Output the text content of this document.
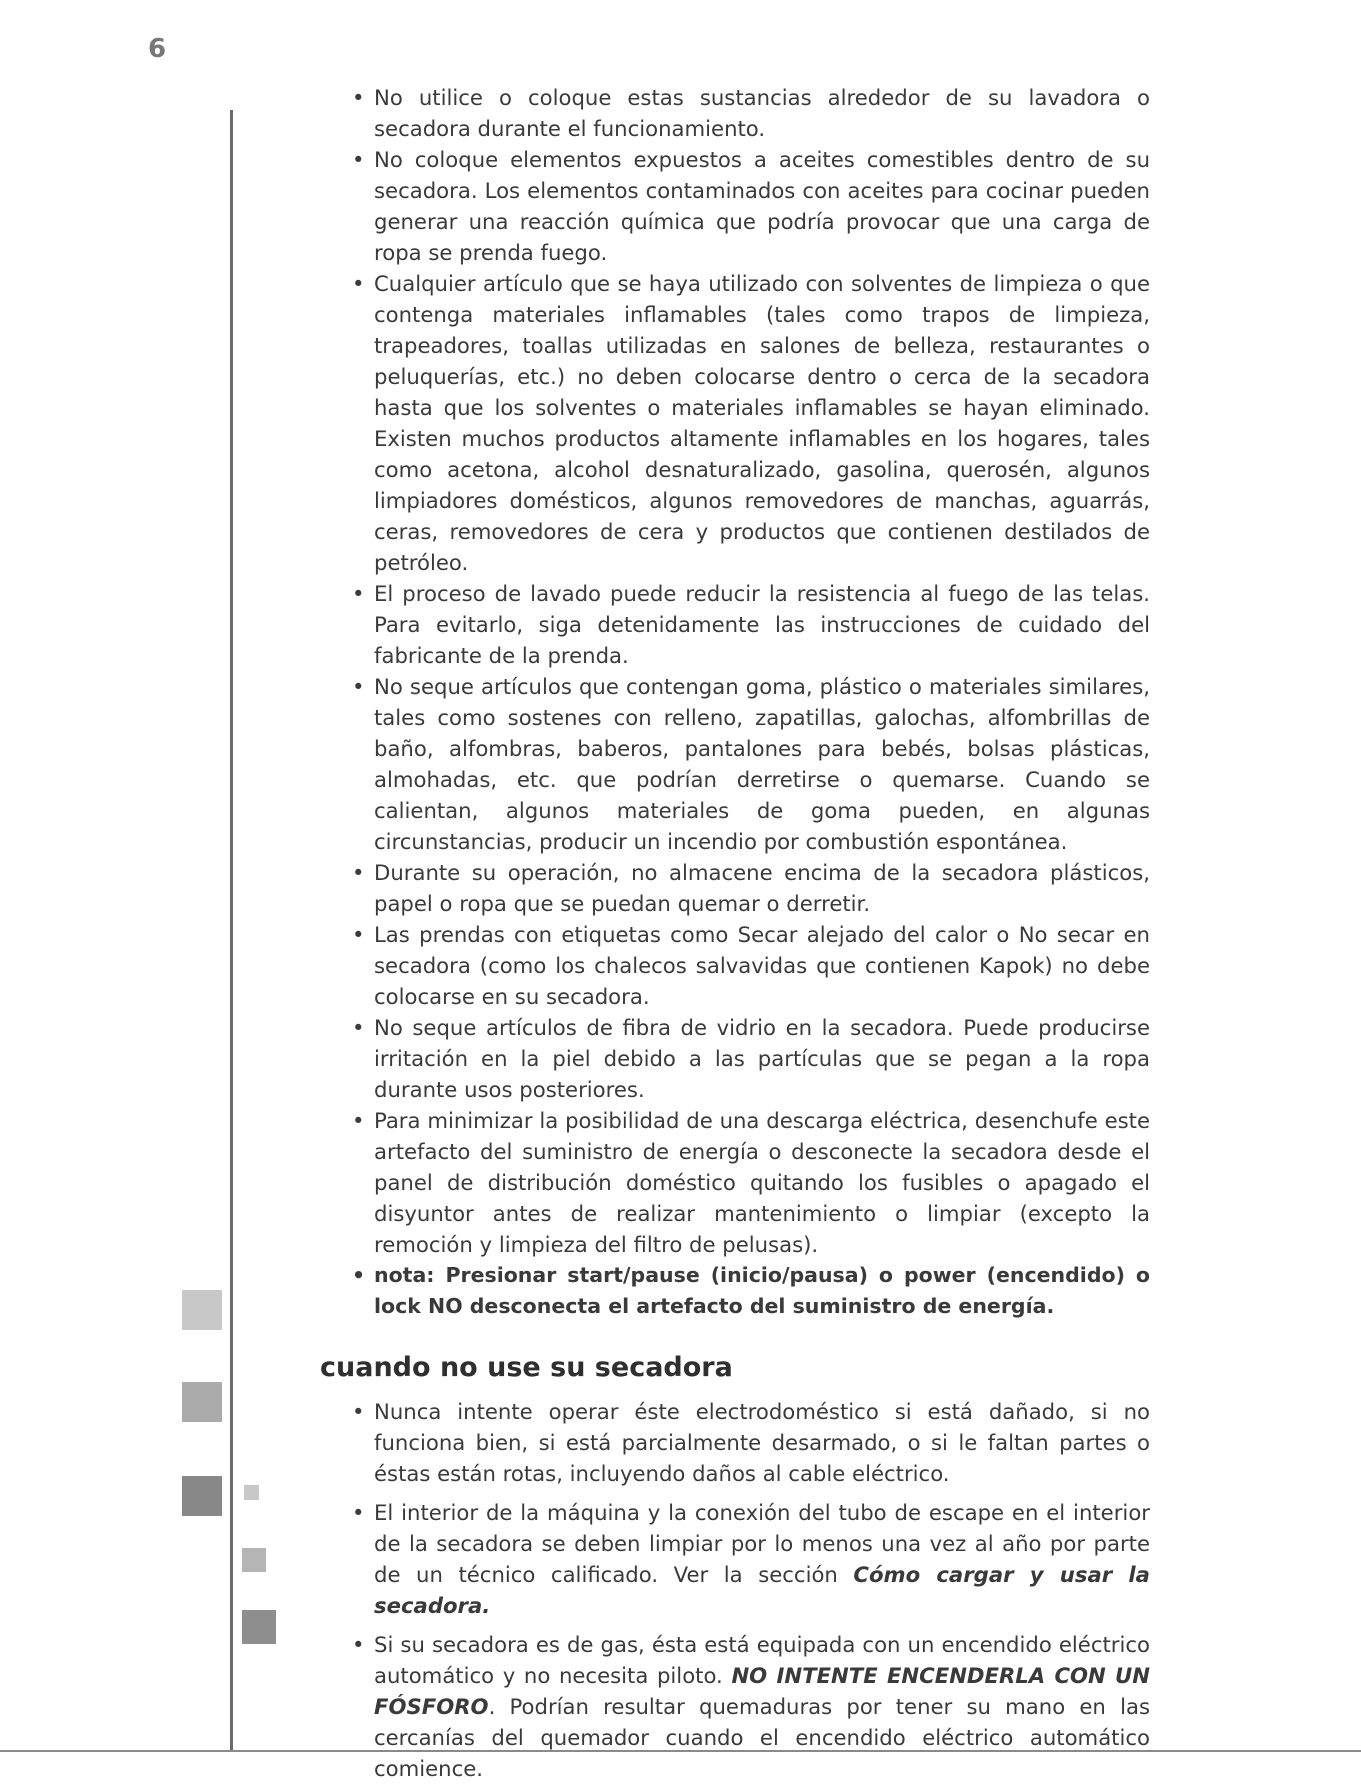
6
• No utilice o coloque estas sustancias alrededor de su lavadora o secadora durante el funcionamiento.
• No coloque elementos expuestos a aceites comestibles dentro de su secadora. Los elementos contaminados con aceites para cocinar pueden generar una reacción química que podría provocar que una carga de ropa se prenda fuego.
• Cualquier artículo que se haya utilizado con solventes de limpieza o que contenga materiales inflamables (tales como trapos de limpieza, trapeadores, toallas utilizadas en salones de belleza, restaurantes o peluquerías, etc.) no deben colocarse dentro o cerca de la secadora hasta que los solventes o materiales inflamables se hayan eliminado. Existen muchos productos altamente inflamables en los hogares, tales como acetona, alcohol desnaturalizado, gasolina, querosén, algunos limpiadores domésticos, algunos removedores de manchas, aguarrás, ceras, removedores de cera y productos que contienen destilados de petróleo.
• El proceso de lavado puede reducir la resistencia al fuego de las telas. Para evitarlo, siga detenidamente las instrucciones de cuidado del fabricante de la prenda.
• No seque artículos que contengan goma, plástico o materiales similares, tales como sostenes con relleno, zapatillas, galochas, alfombrillas de baño, alfombras, baberos, pantalones para bebés, bolsas plásticas, almohadas, etc. que podrían derretirse o quemarse. Cuando se calientan, algunos materiales de goma pueden, en algunas circunstancias, producir un incendio por combustión espontánea.
• Durante su operación, no almacene encima de la secadora plásticos, papel o ropa que se puedan quemar o derretir.
• Las prendas con etiquetas como Secar alejado del calor o No secar en secadora (como los chalecos salvavidas que contienen Kapok) no debe colocarse en su secadora.
• No seque artículos de fibra de vidrio en la secadora. Puede producirse irritación en la piel debido a las partículas que se pegan a la ropa durante usos posteriores.
• Para minimizar la posibilidad de una descarga eléctrica, desenchufe este artefacto del suministro de energía o desconecte la secadora desde el panel de distribución doméstico quitando los fusibles o apagado el disyuntor antes de realizar mantenimiento o limpiar (excepto la remoción y limpieza del filtro de pelusas).
• nota: Presionar start/pause (inicio/pausa) o power (encendido) o lock NO desconecta el artefacto del suministro de energía.
cuando no use su secadora
• Nunca intente operar éste electrodoméstico si está dañado, si no funciona bien, si está parcialmente desarmado, o si le faltan partes o éstas están rotas, incluyendo daños al cable eléctrico.
• El interior de la máquina y la conexión del tubo de escape en el interior de la secadora se deben limpiar por lo menos una vez al año por parte de un técnico calificado. Ver la sección Cómo cargar y usar la secadora.
• Si su secadora es de gas, ésta está equipada con un encendido eléctrico automático y no necesita piloto. NO INTENTE ENCENDERLA CON UN FÓSFORO. Podrían resultar quemaduras por tener su mano en las cercanías del quemador cuando el encendido eléctrico automático comience.
